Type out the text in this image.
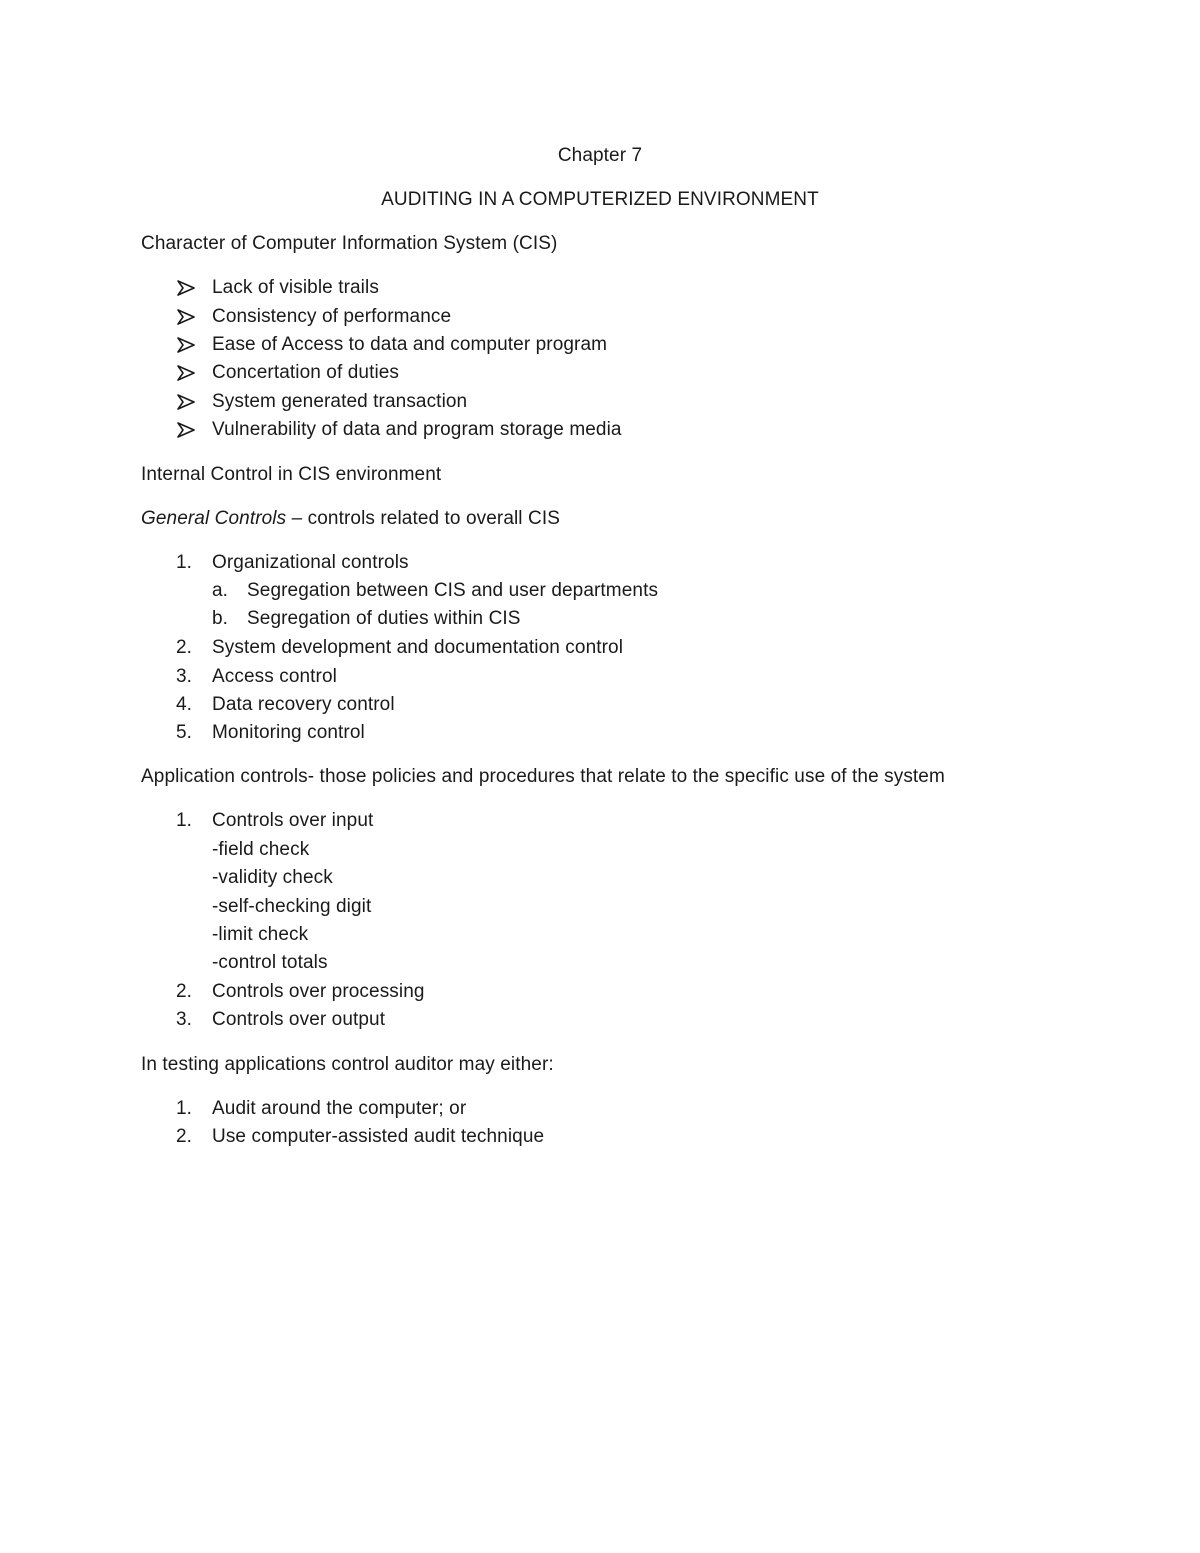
Chapter 7
AUDITING IN A COMPUTERIZED ENVIRONMENT
Character of Computer Information System (CIS)
Lack of visible trails
Consistency of performance
Ease of Access to data and computer program
Concertation of duties
System generated transaction
Vulnerability of data and program storage media
Internal Control in CIS environment
General Controls – controls related to overall CIS
1. Organizational controls
a. Segregation between CIS and user departments
b. Segregation of duties within CIS
2. System development and documentation control
3. Access control
4. Data recovery control
5. Monitoring control
Application controls- those policies and procedures that relate to the specific use of the system
1. Controls over input
-field check
-validity check
-self-checking digit
-limit check
-control totals
2. Controls over processing
3. Controls over output
In testing applications control auditor may either:
1. Audit around the computer; or
2. Use computer-assisted audit technique
